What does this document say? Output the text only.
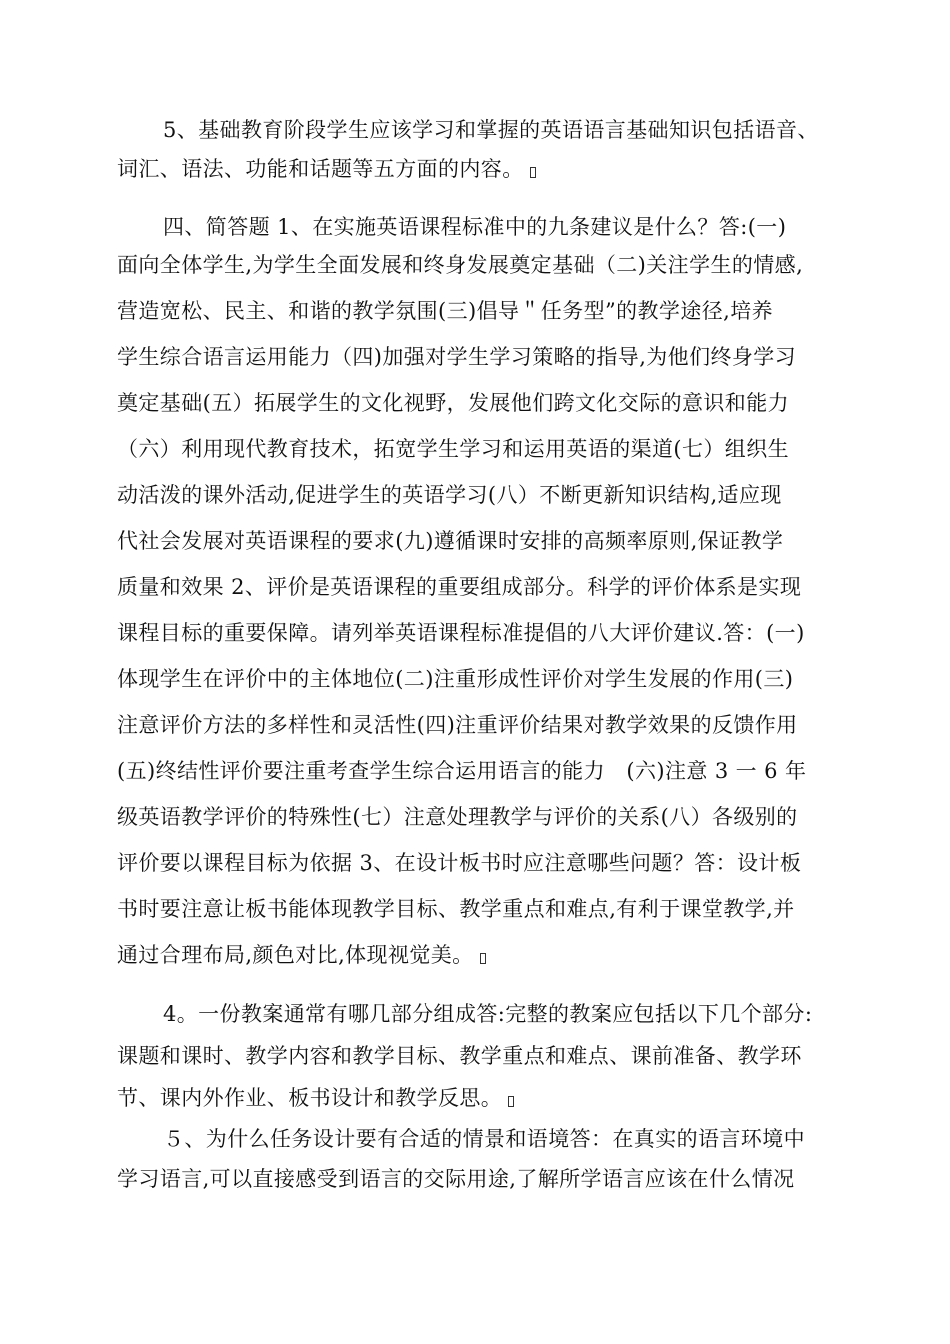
5、基础教育阶段学生应该学习和掌握的英语语言基础知识包括语音、
词汇、语法、功能和话题等五方面的内容。
四、简答题 1、在实施英语课程标准中的九条建议是什么？答:(一)
面向全体学生,为学生全面发展和终身发展奠定基础（二)关注学生的情感,
营造宽松、民主、和谐的教学氛围(三)倡导＂任务型”的教学途径,培养
学生综合语言运用能力（四)加强对学生学习策略的指导,为他们终身学习
奠定基础(五）拓展学生的文化视野，发展他们跨文化交际的意识和能力
（六）利用现代教育技术，拓宽学生学习和运用英语的渠道(七）组织生
动活泼的课外活动,促进学生的英语学习(八）不断更新知识结构,适应现
代社会发展对英语课程的要求(九)遵循课时安排的高频率原则,保证教学
质量和效果 2、评价是英语课程的重要组成部分。科学的评价体系是实现
课程目标的重要保障。请列举英语课程标准提倡的八大评价建议.答：(一)
体现学生在评价中的主体地位(二)注重形成性评价对学生发展的作用(三)
注意评价方法的多样性和灵活性(四)注重评价结果对教学效果的反馈作用
(五)终结性评价要注重考查学生综合运用语言的能力　(六)注意 3 一 6 年
级英语教学评价的特殊性(七）注意处理教学与评价的关系(八）各级别的
评价要以课程目标为依据 3、在设计板书时应注意哪些问题？答：设计板
书时要注意让板书能体现教学目标、教学重点和难点,有利于课堂教学,并
通过合理布局,颜色对比,体现视觉美。
4。一份教案通常有哪几部分组成答:完整的教案应包括以下几个部分:
课题和课时、教学内容和教学目标、教学重点和难点、课前准备、教学环
节、课内外作业、板书设计和教学反思。
５、为什么任务设计要有合适的情景和语境答：在真实的语言环境中
学习语言,可以直接感受到语言的交际用途,了解所学语言应该在什么情况
